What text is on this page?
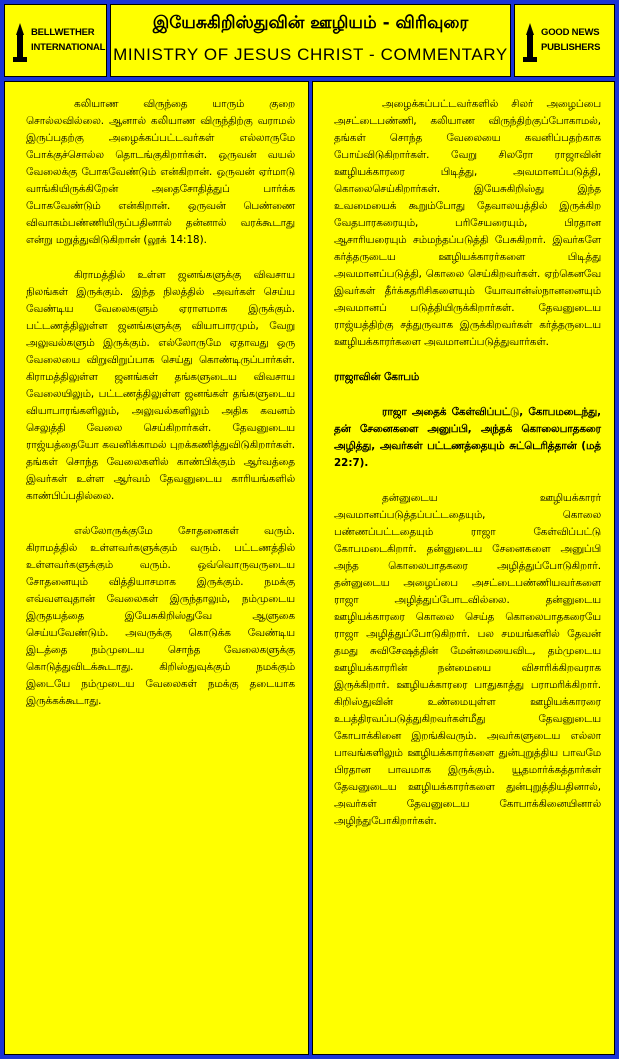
BELLWETHER
INTERNATIONAL
இயேசுகிறிஸ்துவின் ஊழியம் - விரிவுரை
MINISTRY OF JESUS CHRIST - COMMENTARY
GOOD NEWS
PUBLISHERS

கலியாண விருந்தை யாரும் குறை சொல்லவில்லை. ஆனால் கலியாண விருந்திற்கு வராமல் இருப்பதற்கு அழைக்கப்பட்டவர்கள் எல்லாருமே போக்குச்சொல்ல தொடங்குகிறார்கள். ஒருவன் வயல் வேலைக்கு போகவேண்டும் என்கிறான். ஒருவன் ஏர்மாடு வாங்கியிருக்கிறேன் அதைசோதித்துப் பார்க்க போகவேண்டும் என்கிறான். ஒருவன் பெண்ணை விவாகம்பண்ணியிருப்பதினால் தன்னால் வரக்கூடாது என்று மறுத்துவிடுகிறான் (லூக் 14:18).

கிராமத்தில் உள்ள ஜனங்களுக்கு விவசாய நிலங்கள் இருக்கும். இந்த நிலத்தில் அவர்கள் செய்ய வேண்டிய வேலைகளும் ஏராளமாக இருக்கும். பட்டணத்திலுள்ள ஜனங்களுக்கு வியாபாரமும், வேறு அலுவல்களும் இருக்கும். எல்லோருமே ஏதாவது ஒரு வேலையை விறுவிறுப்பாக செய்து கொண்டிருப்பார்கள். கிராமத்திலுள்ள ஜனங்கள் தங்களுடைய விவசாய வேலையிலும், பட்டணத்திலுள்ள ஜனங்கள் தங்களுடைய வியாபாரங்களிலும், அலுவல்களிலும் அதிக கவனம் செலுத்தி வேலை செய்கிறார்கள். தேவனுடைய ராஜ்யத்தையோ கவனிக்காமல் புறக்கணித்துவிடுகிறார்கள். தங்கள் சொந்த வேலைகளில் காண்பிக்கும் ஆர்வத்தை இவர்கள் உள்ள ஆர்வம் தேவனுடைய காரியங்களில் காண்பிப்பதில்லை.

எல்லோருக்குமே சோதனைகள் வரும். கிராமத்தில் உள்ளவர்களுக்கும் வரும். பட்டணத்தில் உள்ளவர்களுக்கும் வரும். ஒவ்வொருவருடைய சோதனையும் வித்தியாசமாக இருக்கும். நமக்கு எவ்வளவுதான் வேலைகள் இருந்தாலும், நம்முடைய இருதயத்தை இயேசுகிறிஸ்துவே ஆளுகை செய்யவேண்டும். அவருக்கு கொடுக்க வேண்டிய இடத்தை நம்முடைய சொந்த வேலைகளுக்கு கொடுத்துவிடக்கூடாது. கிறிஸ்துவுக்கும் நமக்கும் இடையே நம்முடைய வேலைகள் நமக்கு தடையாக இருக்கக்கூடாது.

அழைக்கப்பட்டவர்களில் சிலர் அழைப்பை அசட்டைபண்ணி, கலியாண விருந்திற்குப்போகாமல், தங்கள் சொந்த வேலையை கவனிப்பதற்காக போய்விடுகிறார்கள். வேறு சிலரோ ராஜாவின் ஊழியக்காரரை பிடித்து, அவமானப்படுத்தி, கொலைசெய்கிறார்கள். இயேசுகிறிஸ்து இந்த உவமையைக் கூறும்போது தேவாலயத்தில் இருக்கிற வேதபாரகரையும், பரிசேயரையும், பிரதான ஆசாரியரையும் சம்மந்தப்படுத்தி பேசுகிறார். இவர்களே கர்த்தருடைய ஊழியக்காரர்களை பிடித்து அவமானப்படுத்தி, கொலை செய்கிறவர்கள். ஏற்கெனவே இவர்கள் தீர்க்கதரிசிகளையும் யோவான்ஸ்நானனையும் அவமானப் படுத்தியிருக்கிறார்கள். தேவனுடைய ராஜ்யத்திற்கு சத்துருவாக இருக்கிறவர்கள் கர்த்தருடைய ஊழியக்காரர்களை அவமானப்படுத்துவார்கள்.

ராஜாவின் கோபம்

ராஜா அதைக் கேள்விப்பட்டு, கோபமடைந்து, தன் சேனைகளை அனுப்பி, அந்தக் கொலைபாதகரை அழித்து, அவர்கள் பட்டணத்தையும் சுட்டெரித்தான் (மத் 22:7).

தன்னுடைய ஊழியக்காரர் அவமானப்படுத்தப்பட்டதையும், கொலை பண்ணப்பட்டதையும் ராஜா கேள்விப்பட்டு கோபமடைகிறார். தன்னுடைய சேனைகளை அனுப்பி அந்த கொலைபாதகரை அழித்துப்போடுகிறார். தன்னுடைய அழைப்பை அசட்டைபண்ணியவர்களை ராஜா அழித்துப்போடவில்லை. தன்னுடைய ஊழியக்காரரை கொலை செய்த கொலைபாதகரையே ராஜா அழித்துப்போடுகிறார். பல சமயங்களில் தேவன் தமது சுவிசேஷத்தின் மேன்மையைவிட, தம்முடைய ஊழியக்காரரின் நன்மையை விசாரிக்கிறவராக இருக்கிறார். ஊழியக்காரரை பாதுகாத்து பராமரிக்கிறார். கிறிஸ்துவின் உண்மையுள்ள ஊழியக்காரரை உபத்திரவப்படுத்துகிறவர்கள்மீது தேவனுடைய கோபாக்கினை இறங்கிவரும். அவர்களுடைய எல்லா பாவங்களிலும் ஊழியக்காரர்களை துன்புறுத்திய பாவமே பிரதான பாவமாக இருக்கும். யூதமார்க்கத்தார்கள் தேவனுடைய ஊழியக்காரர்களை துன்புறுத்தியதினால், அவர்கள் தேவனுடைய கோபாக்கினையினால் அழிந்துபோகிறார்கள்.
